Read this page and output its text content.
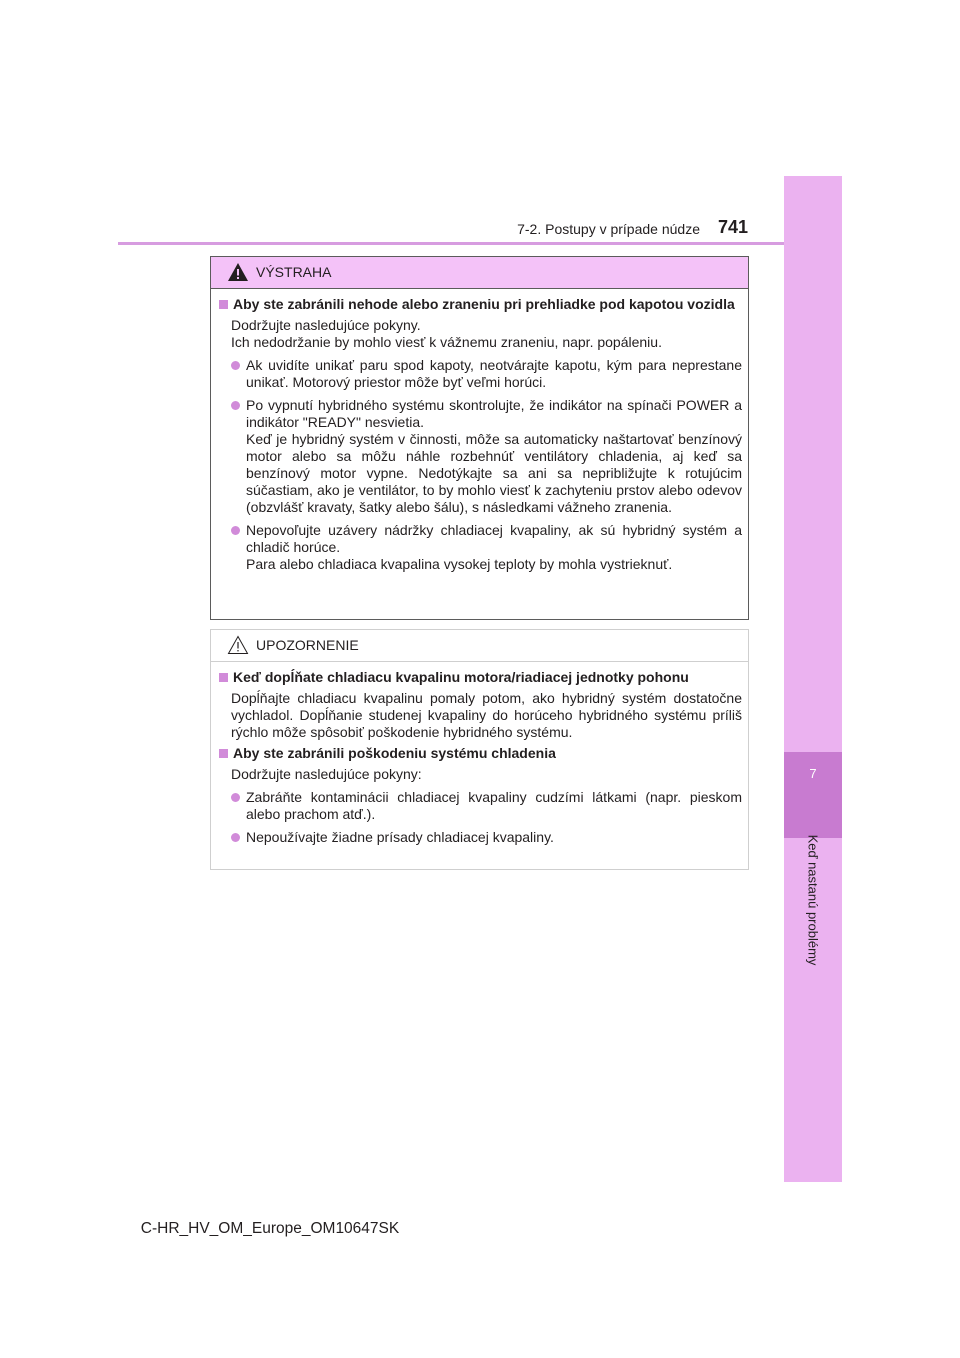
7
Keď nastanú problémy
7-2. Postupy v prípade núdze 741
VÝSTRAHA
Aby ste zabránili nehode alebo zraneniu pri prehliadke pod kapotou vozidla
Dodržujte nasledujúce pokyny.
Ich nedodržanie by mohlo viesť k vážnemu zraneniu, napr. popáleniu.
Ak uvidíte unikať paru spod kapoty, neotvárajte kapotu, kým para neprestane unikať. Motorový priestor môže byť veľmi horúci.
Po vypnutí hybridného systému skontrolujte, že indikátor na spínači POWER a indikátor "READY" nesvietia.
Keď je hybridný systém v činnosti, môže sa automaticky naštartovať benzínový motor alebo sa môžu náhle rozbehnúť ventilátory chladenia, aj keď sa benzínový motor vypne. Nedotýkajte sa ani sa nepribližujte k rotujúcim súčastiam, ako je ventilátor, to by mohlo viesť k zachyteniu prstov alebo odevov (obzvlášť kravaty, šatky alebo šálu), s následkami vážneho zranenia.
Nepovoľujte uzávery nádržky chladiacej kvapaliny, ak sú hybridný systém a chladič horúce.
Para alebo chladiaca kvapalina vysokej teploty by mohla vystrieknuť.
UPOZORNENIE
Keď dopĺňate chladiacu kvapalinu motora/riadiacej jednotky pohonu
Dopĺňajte chladiacu kvapalinu pomaly potom, ako hybridný systém dostatočne vychladol. Dopĺňanie studenej kvapaliny do horúceho hybridného systému príliš rýchlo môže spôsobiť poškodenie hybridného systému.
Aby ste zabránili poškodeniu systému chladenia
Dodržujte nasledujúce pokyny:
Zabráňte kontaminácii chladiacej kvapaliny cudzími látkami (napr. pieskom alebo prachom atď.).
Nepoužívajte žiadne prísady chladiacej kvapaliny.
C-HR_HV_OM_Europe_OM10647SK
